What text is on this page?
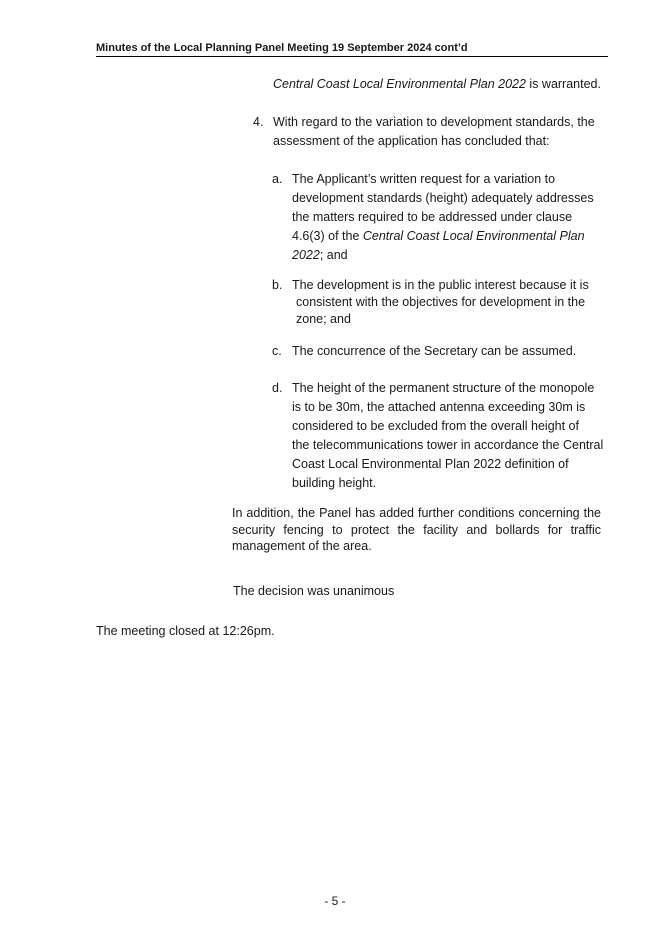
Minutes of the Local Planning Panel Meeting 19 September 2024 cont’d
Central Coast Local Environmental Plan 2022 is warranted.
4. With regard to the variation to development standards, the
assessment of the application has concluded that:
a. The Applicant’s written request for a variation to
development standards (height) adequately addresses
the matters required to be addressed under clause
4.6(3) of the Central Coast Local Environmental Plan
2022; and
b. The development is in the public interest because it is
consistent with the objectives for development in the
zone; and
c. The concurrence of the Secretary can be assumed.
d. The height of the permanent structure of the monopole
is to be 30m, the attached antenna exceeding 30m is
considered to be excluded from the overall height of
the telecommunications tower in accordance the Central
Coast Local Environmental Plan 2022 definition of
building height.
In addition, the Panel has added further conditions concerning the
security fencing to protect the facility and bollards for traffic
management of the area.
The decision was unanimous
The meeting closed at 12:26pm.
- 5 -
